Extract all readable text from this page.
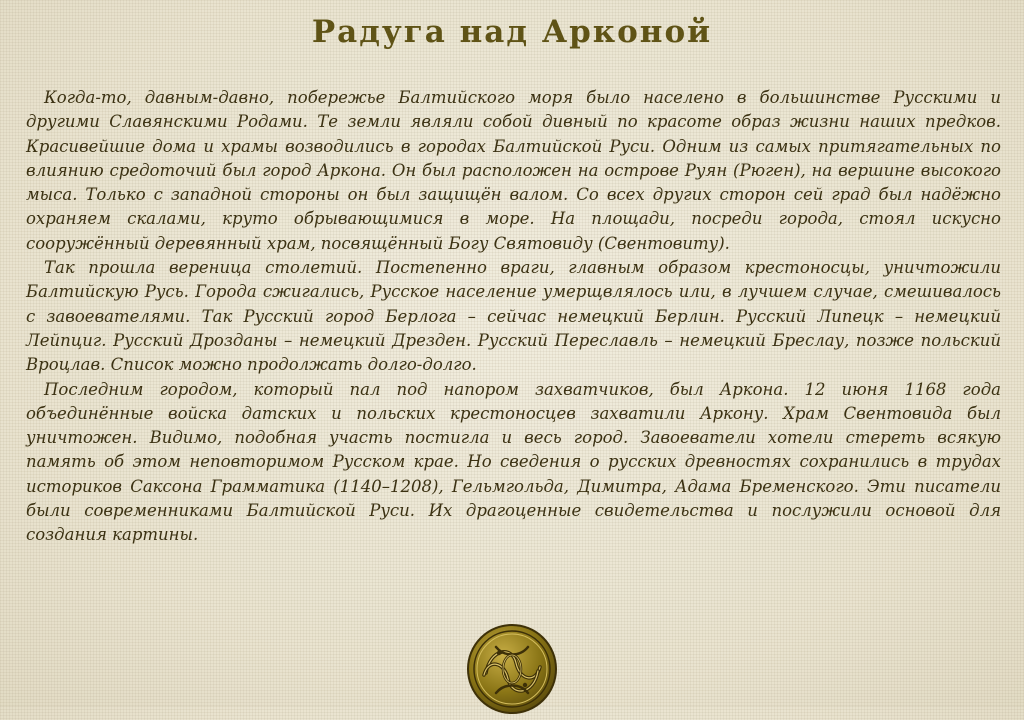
Радуга над Арконой

Когда-то, давным-давно, побережье Балтийского моря было населено в большинстве Русскими и другими Славянскими Родами. Те земли являли собой дивный по красоте образ жизни наших предков. Красивейшие дома и храмы возводились в городах Балтийской Руси. Одним из самых притягательных по влиянию средоточий был город Аркона. Он был расположен на острове Руян (Рюген), на вершине высокого мыса. Только с западной стороны он был защищён валом. Со всех других сторон сей град был надёжно охраняем скалами, круто обрывающимися в море. На площади, посреди города, стоял искусно сооружённый деревянный храм, посвящённый Богу Святовиду (Свентовиту).

Так прошла вереница столетий. Постепенно враги, главным образом крестоносцы, уничтожили Балтийскую Русь. Города сжигались, Русское население умерщвлялось или, в лучшем случае, смешивалось с завоевателями. Так Русский город Берлога – сейчас немецкий Берлин. Русский Липецк – немецкий Лейпциг. Русский Дрозданы – немецкий Дрезден. Русский Переславль – немецкий Бреслау, позже польский Вроцлав. Список можно продолжать долго-долго.

Последним городом, который пал под напором захватчиков, был Аркона. 12 июня 1168 года объединённые войска датских и польских крестоносцев захватили Аркону. Храм Свентовида был уничтожен. Видимо, подобная участь постигла и весь город. Завоеватели хотели стереть всякую память об этом неповторимом Русском крае. Но сведения о русских древностях сохранились в трудах историков Саксона Грамматика (1140–1208), Гельмгольда, Димитра, Адама Бременского. Эти писатели были современниками Балтийской Руси. Их драгоценные свидетельства и послужили основой для создания картины.
